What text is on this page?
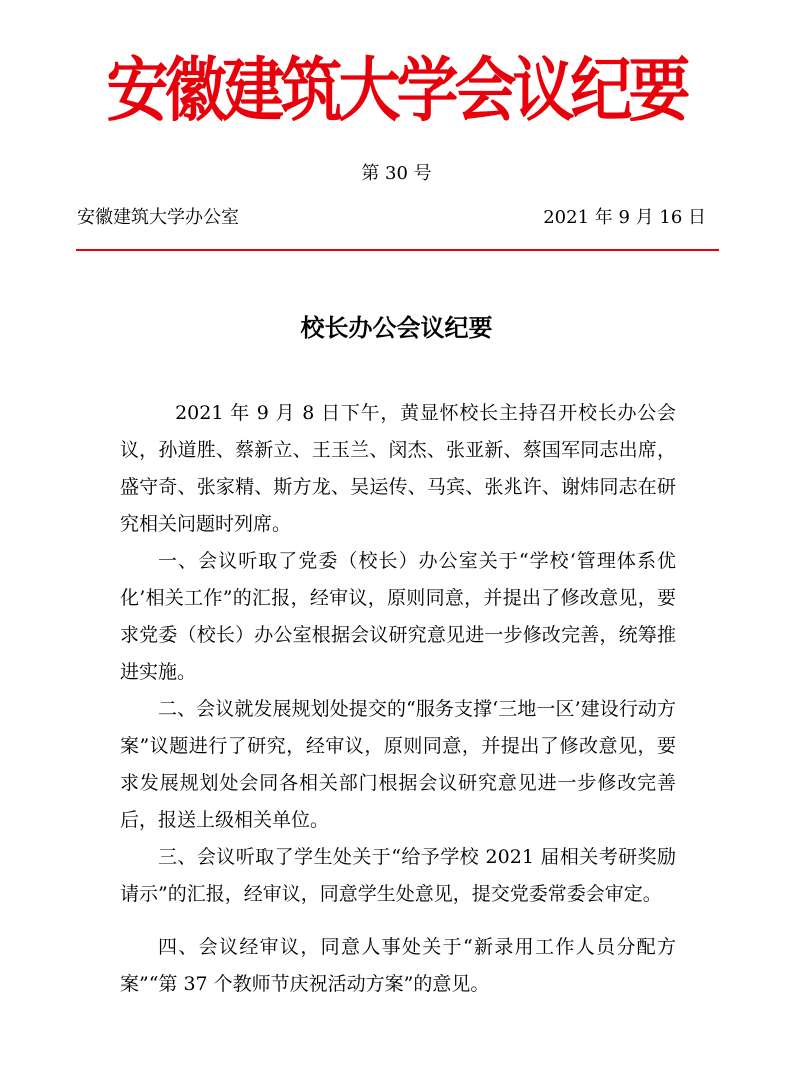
安徽建筑大学会议纪要
第 30 号
安徽建筑大学办公室	2021 年 9 月 16 日
校长办公会议纪要

2021 年 9 月 8 日下午，黄显怀校长主持召开校长办公会议，孙道胜、蔡新立、王玉兰、闵杰、张亚新、蔡国军同志出席，盛守奇、张家精、斯方龙、吴运传、马宾、张兆许、谢炜同志在研究相关问题时列席。

一、会议听取了党委（校长）办公室关于“学校‘管理体系优化’相关工作”的汇报，经审议，原则同意，并提出了修改意见，要求党委（校长）办公室根据会议研究意见进一步修改完善，统筹推进实施。

二、会议就发展规划处提交的“服务支撑‘三地一区’建设行动方案”议题进行了研究，经审议，原则同意，并提出了修改意见，要求发展规划处会同各相关部门根据会议研究意见进一步修改完善后，报送上级相关单位。

三、会议听取了学生处关于“给予学校 2021 届相关考研奖励请示”的汇报，经审议，同意学生处意见，提交党委常委会审定。

四、会议经审议，同意人事处关于“新录用工作人员分配方案”“第 37 个教师节庆祝活动方案”的意见。
